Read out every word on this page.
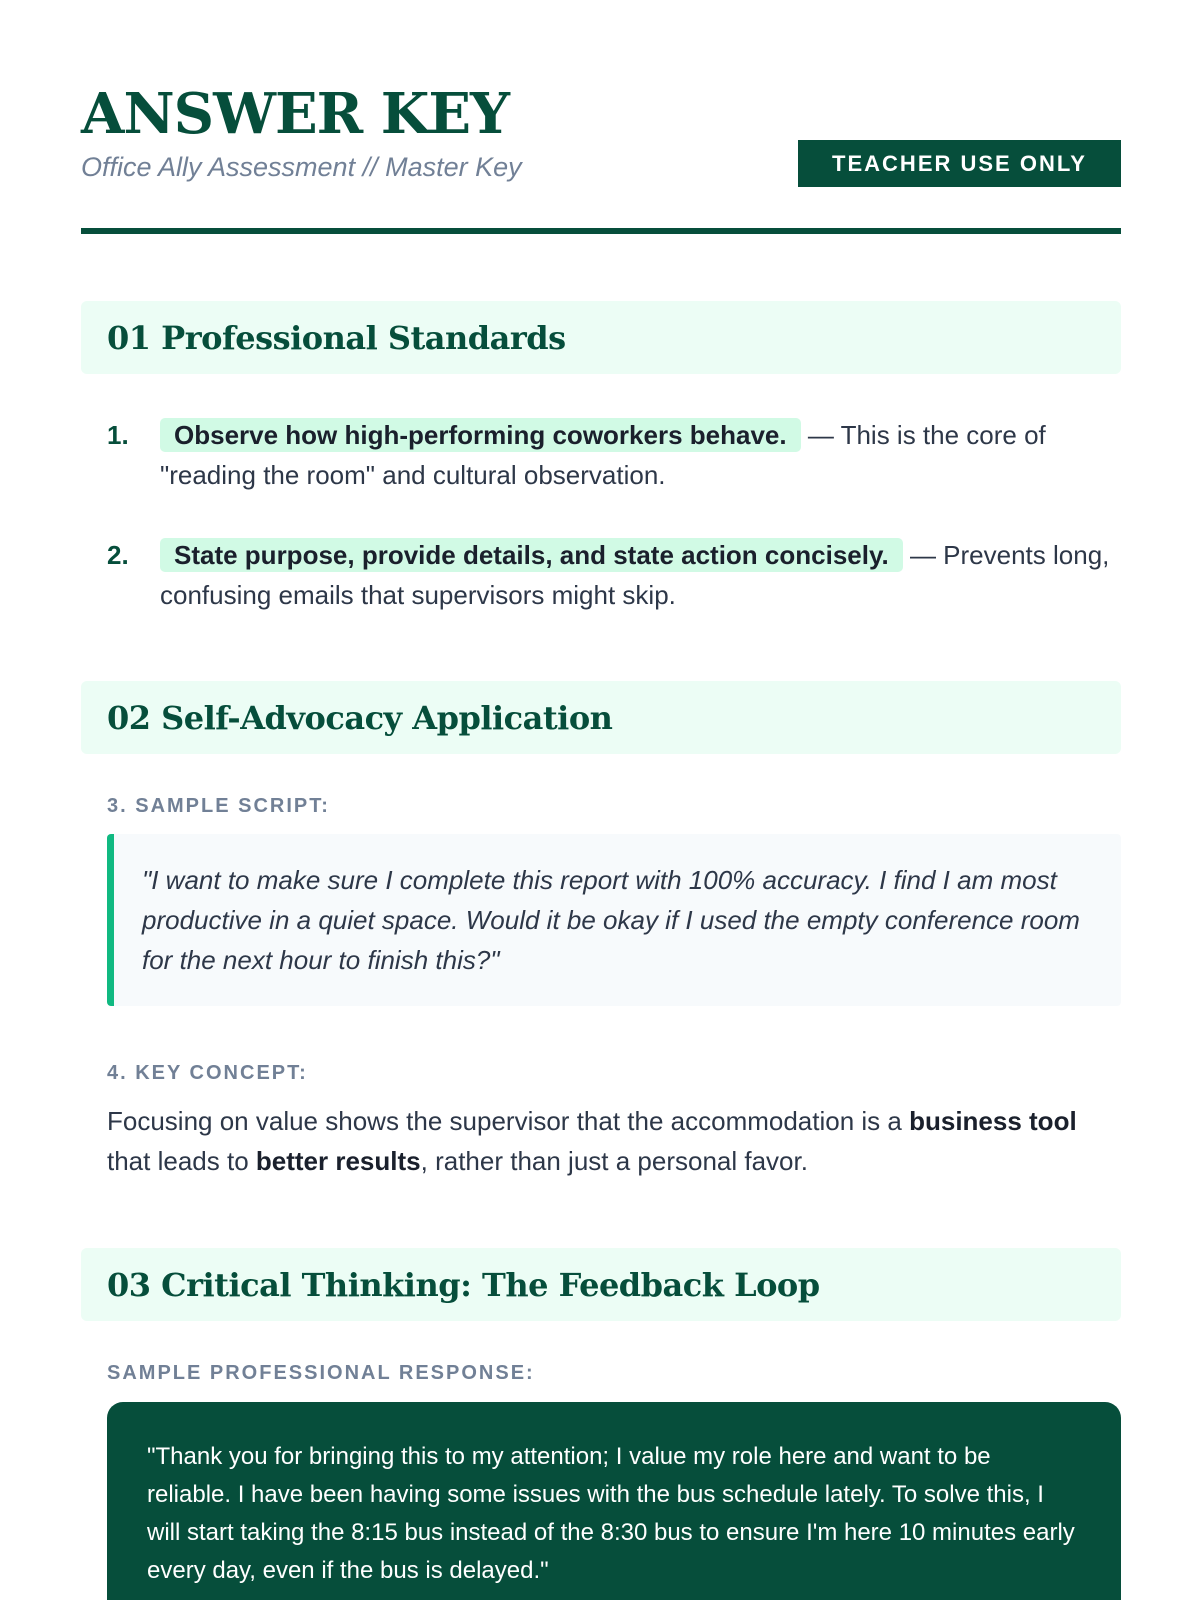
ANSWER KEY
Office Ally Assessment // Master Key	TEACHER USE ONLY
01 Professional Standards
1.	Observe how high-performing coworkers behave. — This is the core of "reading the room" and cultural observation.
2.	State purpose, provide details, and state action concisely. — Prevents long, confusing emails that supervisors might skip.
02 Self-Advocacy Application
3. SAMPLE SCRIPT:
"I want to make sure I complete this report with 100% accuracy. I find I am most productive in a quiet space. Would it be okay if I used the empty conference room for the next hour to finish this?"
4. KEY CONCEPT:
Focusing on value shows the supervisor that the accommodation is a business tool that leads to better results, rather than just a personal favor.
03 Critical Thinking: The Feedback Loop
SAMPLE PROFESSIONAL RESPONSE:
"Thank you for bringing this to my attention; I value my role here and want to be reliable. I have been having some issues with the bus schedule lately. To solve this, I will start taking the 8:15 bus instead of the 8:30 bus to ensure I'm here 10 minutes early every day, even if the bus is delayed."
